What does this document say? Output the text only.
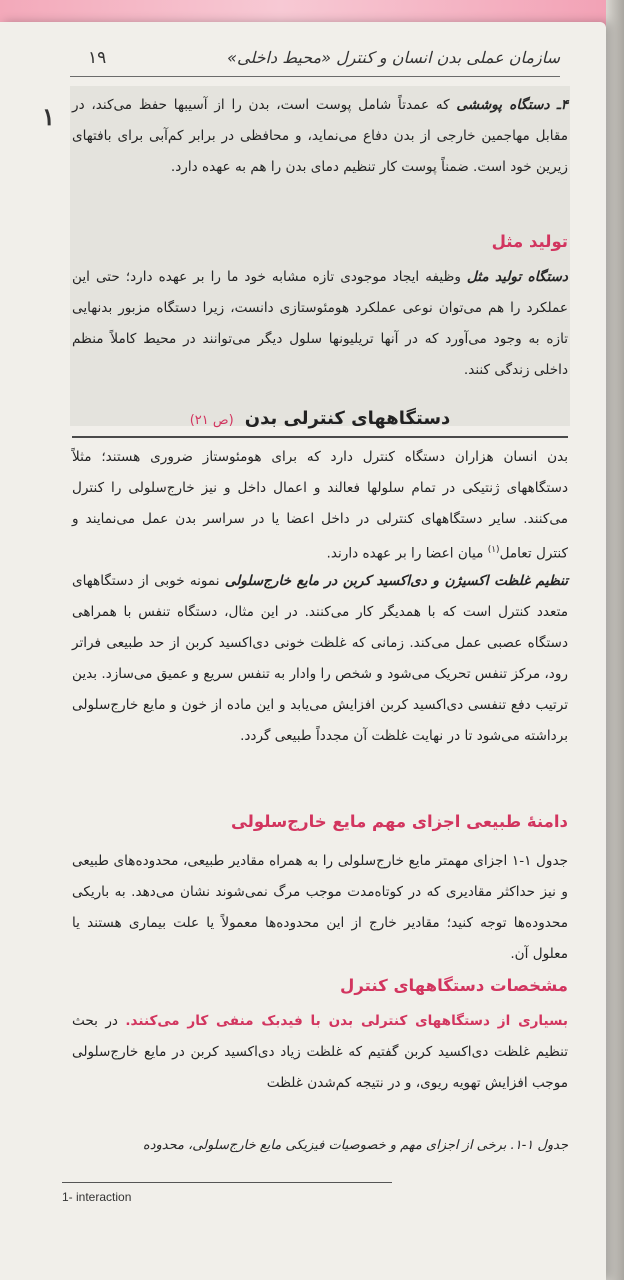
سازمان عملی بدن انسان و کنترل «محیط داخلی»
۱۹
۱	۴ـ دستگاه پوششی که عمدتاً شامل پوست است، بدن را از آسیبها حفظ می‌کند، در مقابل مهاجمین خارجی از بدن دفاع می‌نماید، و محافظی در برابر کم‌آبی برای بافتهای زیرین خود است. ضمناً پوست کار تنظیم دمای بدن را هم به عهده دارد.

تولید مثل

دستگاه تولید مثل وظیفه ایجاد موجودی تازه مشابه خود ما را بر عهده دارد؛ حتی این عملکرد را هم می‌توان نوعی عملکرد هومئوستازی دانست، زیرا دستگاه مزبور بدنهایی تازه به وجود می‌آورد که در آنها تریلیونها سلول دیگر می‌توانند در محیط کاملاً منظم داخلی زندگی کنند.

دستگاههای کنترلی بدن (ص ۲۱)

بدن انسان هزاران دستگاه کنترل دارد که برای هومئوستاز ضروری هستند؛ مثلاً دستگاههای ژنتیکی در تمام سلولها فعالند و اعمال داخل و نیز خارج‌سلولی را کنترل می‌کنند. سایر دستگاههای کنترلی در داخل اعضا یا در سراسر بدن عمل می‌نمایند و کنترل تعامل$^{(۱)}$ میان اعضا را بر عهده دارند.

تنظیم غلظت اکسیژن و دی‌اکسید کربن در مایع خارج‌سلولی نمونه خوبی از دستگاههای متعدد کنترل است که با همدیگر کار می‌کنند. در این مثال، دستگاه تنفس با همراهی دستگاه عصبی عمل می‌کند. زمانی که غلظت خونی دی‌اکسید کربن از حد طبیعی فراتر رود، مرکز تنفس تحریک می‌شود و شخص را وادار به تنفس سریع و عمیق می‌سازد. بدین ترتیب دفع تنفسی دی‌اکسید کربن افزایش می‌یابد و این ماده از خون و مایع خارج‌سلولی برداشته می‌شود تا در نهایت غلظت آن مجدداً طبیعی گردد.

دامنهٔ طبیعی اجزای مهم مایع خارج‌سلولی

جدول ۱-۱ اجزای مهمتر مایع خارج‌سلولی را به همراه مقادیر طبیعی، محدوده‌های طبیعی و نیز حداکثر مقادیری که در کوتاه‌مدت موجب مرگ نمی‌شوند نشان می‌دهد. به باریکی محدوده‌ها توجه کنید؛ مقادیر خارج از این محدوده‌ها معمولاً یا علت بیماری هستند یا معلول آن.

مشخصات دستگاههای کنترل

بسیاری از دستگاههای کنترلی بدن با فیدبک منفی کار می‌کنند. در بحث تنظیم غلظت دی‌اکسید کربن گفتیم که غلظت زیاد دی‌اکسید کربن در مایع خارج‌سلولی موجب افزایش تهویه ریوی، و در نتیجه کم‌شدن غلظت

جدول ۱-۱. برخی از اجزای مهم و خصوصیات فیزیکی مایع خارج‌سلولی، محدوده

1- interaction
